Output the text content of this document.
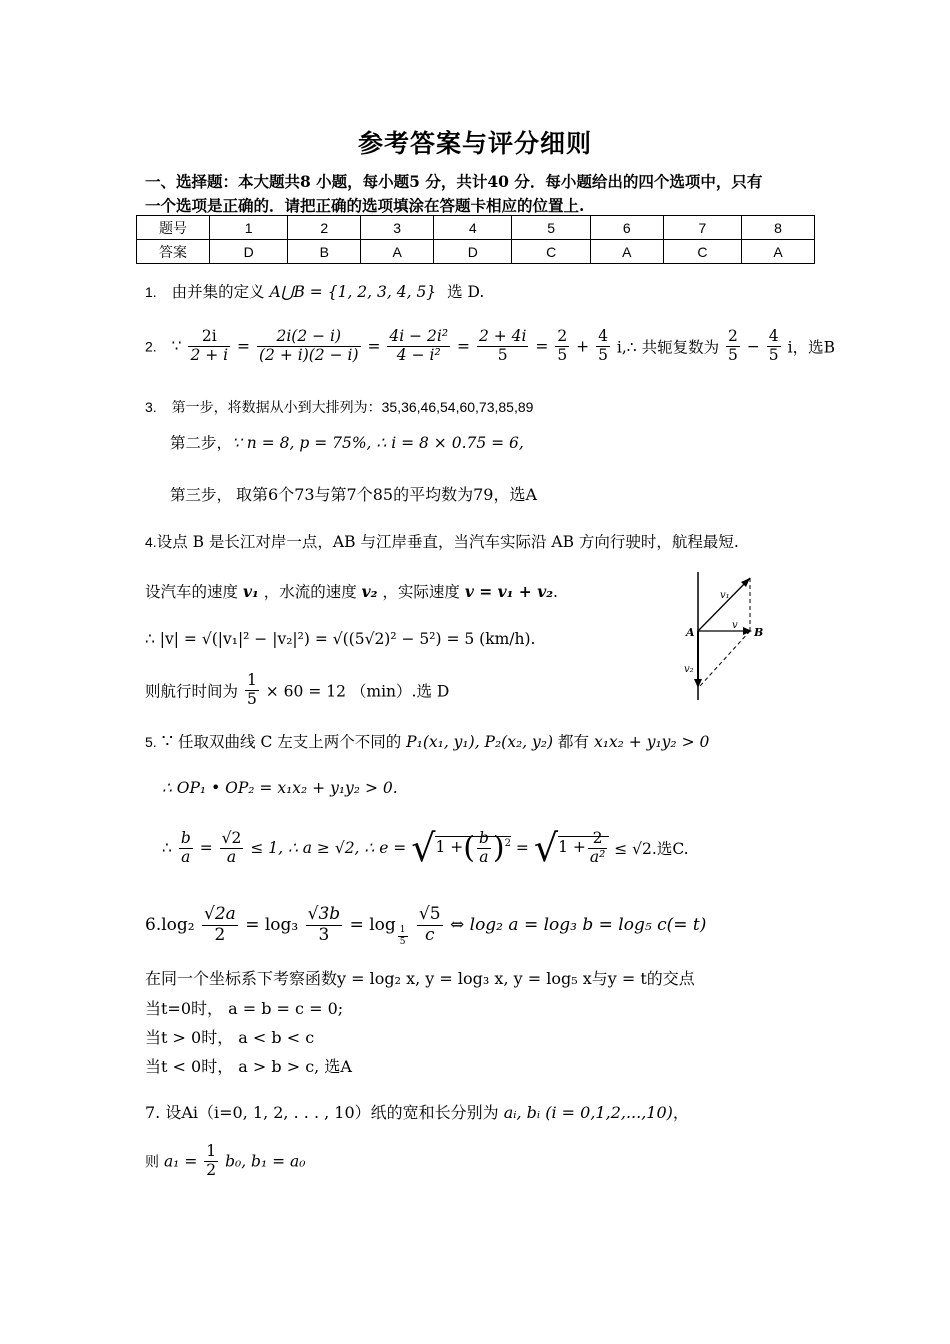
参考答案与评分细则
一、选择题：本大题共8 小题，每小题5 分，共计40 分．每小题给出的四个选项中，只有
一个选项是正确的．请把正确的选项填涂在答题卡相应的位置上.
题号	1	2	3	4	5	6	7	8
答案	D	B	A	D	C	A	C	A
1. 由并集的定义 A⋃B = {1, 2, 3, 4, 5} 选 D.
2. ∵ $\frac{2i}{2 + i} = \frac{2i(2 - i)}{(2 + i)(2 - i)} = \frac{\text{4i − 2i²}}{\text{4 − i²}} = \frac{2 + 4i}{5} = \frac{2}{5} + \frac{4}{5}$ i,∴ 共轭复数为 $\frac{2}{5} - \frac{4}{5}$ i，选B
3. 第一步，将数据从小到大排列为：35,36,46,54,60,73,85,89
第二步，∵ n = 8, p = 75%, ∴ i = 8 × 0.75 = 6,
第三步， 取第6个73与第7个85的平均数为79，选A
4.设点 B 是长江对岸一点，AB 与江岸垂直，当汽车实际沿 AB 方向行驶时，航程最短.
设汽车的速度 v₁ ，水流的速度 v₂ ，实际速度 v = v₁ + v₂.
∴ |v| = √(|v₁|² − |v₂|²) = √((5√2)² − 5²) = 5 (km/h).
则航行时间为 $\frac{1}{5} \times 60 = 12$ （min）.选 D
v₁
v
v₂
A	B
5. ∵ 任取双曲线 C 左支上两个不同的 P₁(x₁, y₁), P₂(x₂, y₂) 都有 x₁x₂ + y₁y₂ > 0
∴ OP₁ • OP₂ = x₁x₂ + y₁y₂ > 0.
∴ $\frac{b}{a} = \frac{√2}{a} \le 1$, ∴ a ≥ √2, ∴ e = √1 +( $\frac{b}{a} )^2 = √1 + \frac{2}{\text{a²}} \le √2$.选C.
$6.\log_2 \frac{√2a}{2} = \log_3 \frac{√3b}{3} = \log$
$\frac{1}{5}$
$\frac{√5}{c}$ ⇔ log₂ a = log₃ b = log₅ c(= t)
在同一个坐标系下考察函数y = log₂ x, y = log₃ x, y = log₅ x与y = t的交点
当t=0时， a = b = c = 0;
当t > 0时， a < b < c
当t < 0时， a > b > c, 选A
7. 设Ai（i=0, 1, 2, . . . , 10）纸的宽和长分别为 aᵢ, bᵢ (i = 0,1,2,...,10)，
则 $a_1 = \frac{1}{2} b_0$, b₁ = a₀
